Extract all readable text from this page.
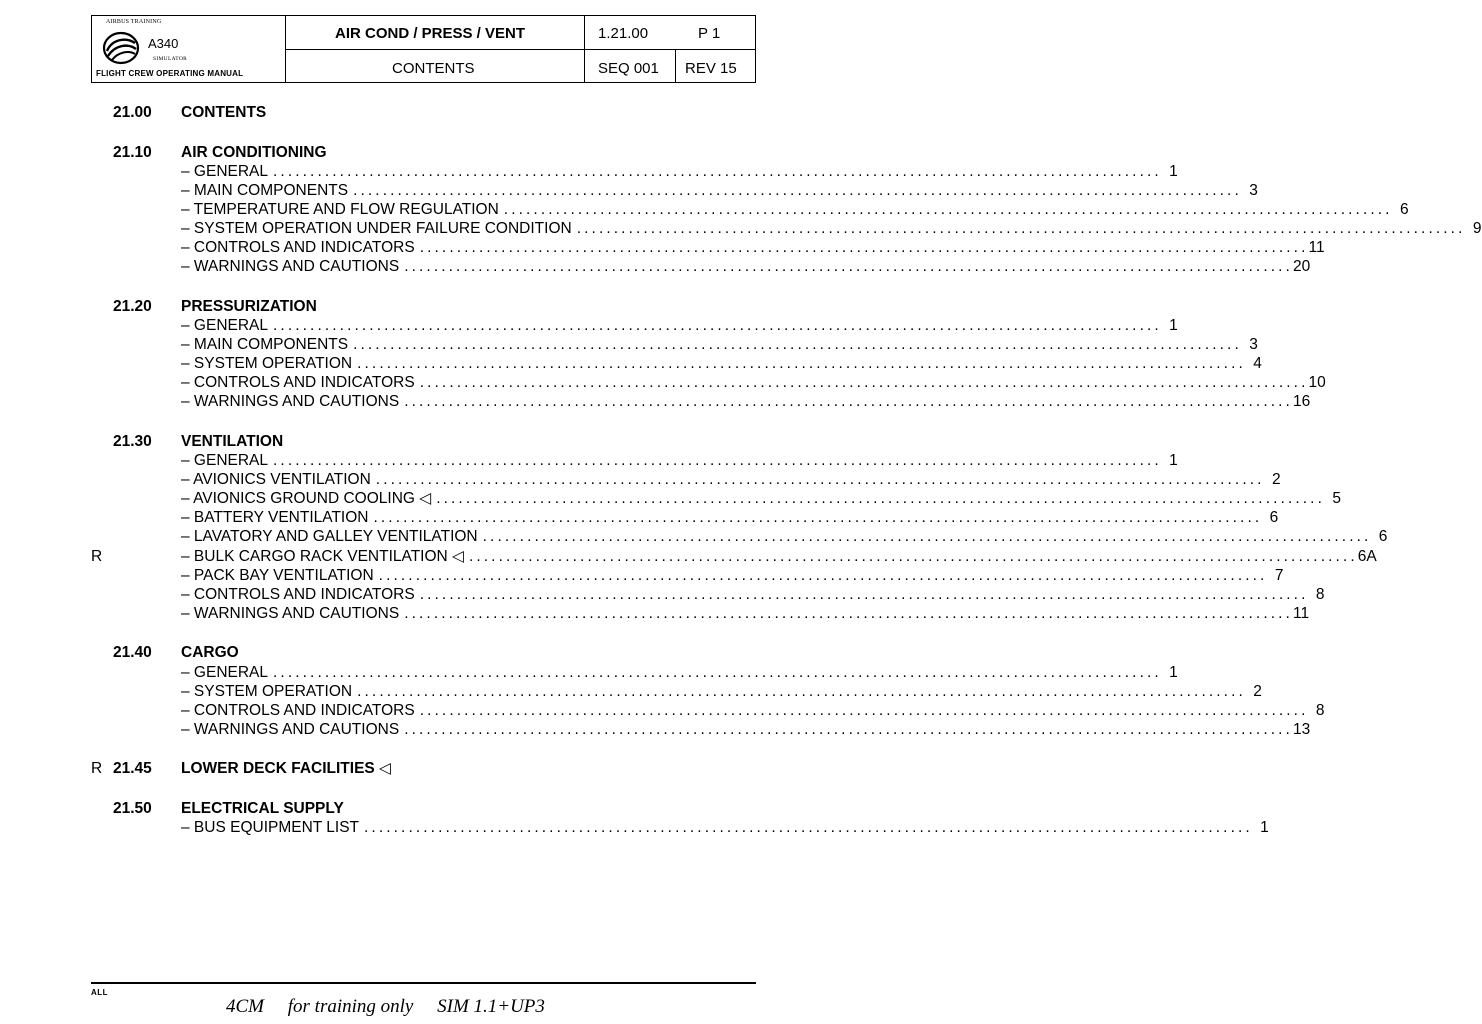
AIRBUS TRAINING
A340
SIMULATOR
FLIGHT CREW OPERATING MANUAL
AIR COND / PRESS / VENT
CONTENTS
1.21.00	P 1
SEQ 001 REV 15
21.00 CONTENTS
21.10 AIR CONDITIONING
– GENERAL ........................................................................................................................ 1
– MAIN COMPONENTS ........................................................................................................................ 3
– TEMPERATURE AND FLOW REGULATION ........................................................................................................................ 6
– SYSTEM OPERATION UNDER FAILURE CONDITION ........................................................................................................................ 9
– CONTROLS AND INDICATORS ........................................................................................................................ 11
– WARNINGS AND CAUTIONS ........................................................................................................................ 20
21.20 PRESSURIZATION
– GENERAL ........................................................................................................................ 1
– MAIN COMPONENTS ........................................................................................................................ 3
– SYSTEM OPERATION ........................................................................................................................ 4
– CONTROLS AND INDICATORS ........................................................................................................................ 10
– WARNINGS AND CAUTIONS ........................................................................................................................ 16
21.30 VENTILATION
– GENERAL ........................................................................................................................ 1
– AVIONICS VENTILATION ........................................................................................................................ 2
– AVIONICS GROUND COOLING ◁ ........................................................................................................................ 5
– BATTERY VENTILATION ........................................................................................................................ 6
– LAVATORY AND GALLEY VENTILATION ........................................................................................................................ 6
R	– BULK CARGO RACK VENTILATION ◁ ........................................................................................................................ 6A
– PACK BAY VENTILATION ........................................................................................................................ 7
– CONTROLS AND INDICATORS ........................................................................................................................ 8
– WARNINGS AND CAUTIONS ........................................................................................................................ 11
21.40 CARGO
– GENERAL ........................................................................................................................ 1
– SYSTEM OPERATION ........................................................................................................................ 2
– CONTROLS AND INDICATORS ........................................................................................................................ 8
– WARNINGS AND CAUTIONS ........................................................................................................................ 13
R 21.45 LOWER DECK FACILITIES ◁
21.50 ELECTRICAL SUPPLY
– BUS EQUIPMENT LIST ........................................................................................................................ 1
ALL
4CM     for training only     SIM 1.1+UP3
